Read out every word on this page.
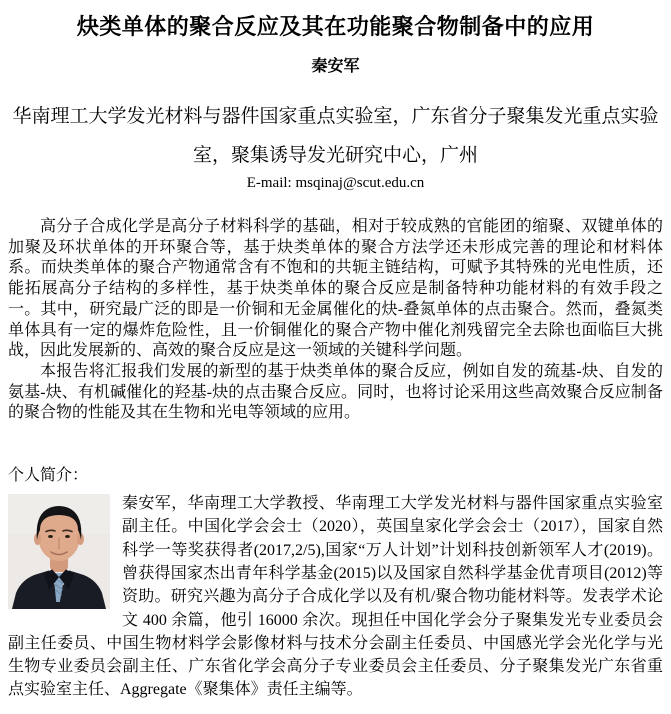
炔类单体的聚合反应及其在功能聚合物制备中的应用
秦安军
华南理工大学发光材料与器件国家重点实验室，广东省分子聚集发光重点实验室，聚集诱导发光研究中心，广州
E-mail: msqinaj@scut.edu.cn

高分子合成化学是高分子材料科学的基础，相对于较成熟的官能团的缩聚、双键单体的加聚及环状单体的开环聚合等，基于炔类单体的聚合方法学还未形成完善的理论和材料体系。而炔类单体的聚合产物通常含有不饱和的共轭主链结构，可赋予其特殊的光电性质，还能拓展高分子结构的多样性，基于炔类单体的聚合反应是制备特种功能材料的有效手段之一。其中，研究最广泛的即是一价铜和无金属催化的炔-叠氮单体的点击聚合。然而，叠氮类单体具有一定的爆炸危险性，且一价铜催化的聚合产物中催化剂残留完全去除也面临巨大挑战，因此发展新的、高效的聚合反应是这一领域的关键科学问题。

本报告将汇报我们发展的新型的基于炔类单体的聚合反应，例如自发的巯基-炔、自发的氨基-炔、有机碱催化的羟基-炔的点击聚合反应。同时，也将讨论采用这些高效聚合反应制备的聚合物的性能及其在生物和光电等领域的应用。

个人简介：

秦安军，华南理工大学教授、华南理工大学发光材料与器件国家重点实验室副主任。中国化学会会士（2020），英国皇家化学会会士（2017），国家自然科学一等奖获得者(2017,2/5),国家“万人计划”计划科技创新领军人才(2019)。曾获得国家杰出青年科学基金(2015)以及国家自然科学基金优青项目(2012)等资助。研究兴趣为高分子合成化学以及有机/聚合物功能材料等。发表学术论文 400 余篇，他引 16000 余次。现担任中国化学会分子聚集发光专业委员会副主任委员、中国生物材料学会影像材料与技术分会副主任委员、中国感光学会光化学与光生物专业委员会副主任、广东省化学会高分子专业委员会主任委员、分子聚集发光广东省重点实验室主任、Aggregate《聚集体》责任主编等。
